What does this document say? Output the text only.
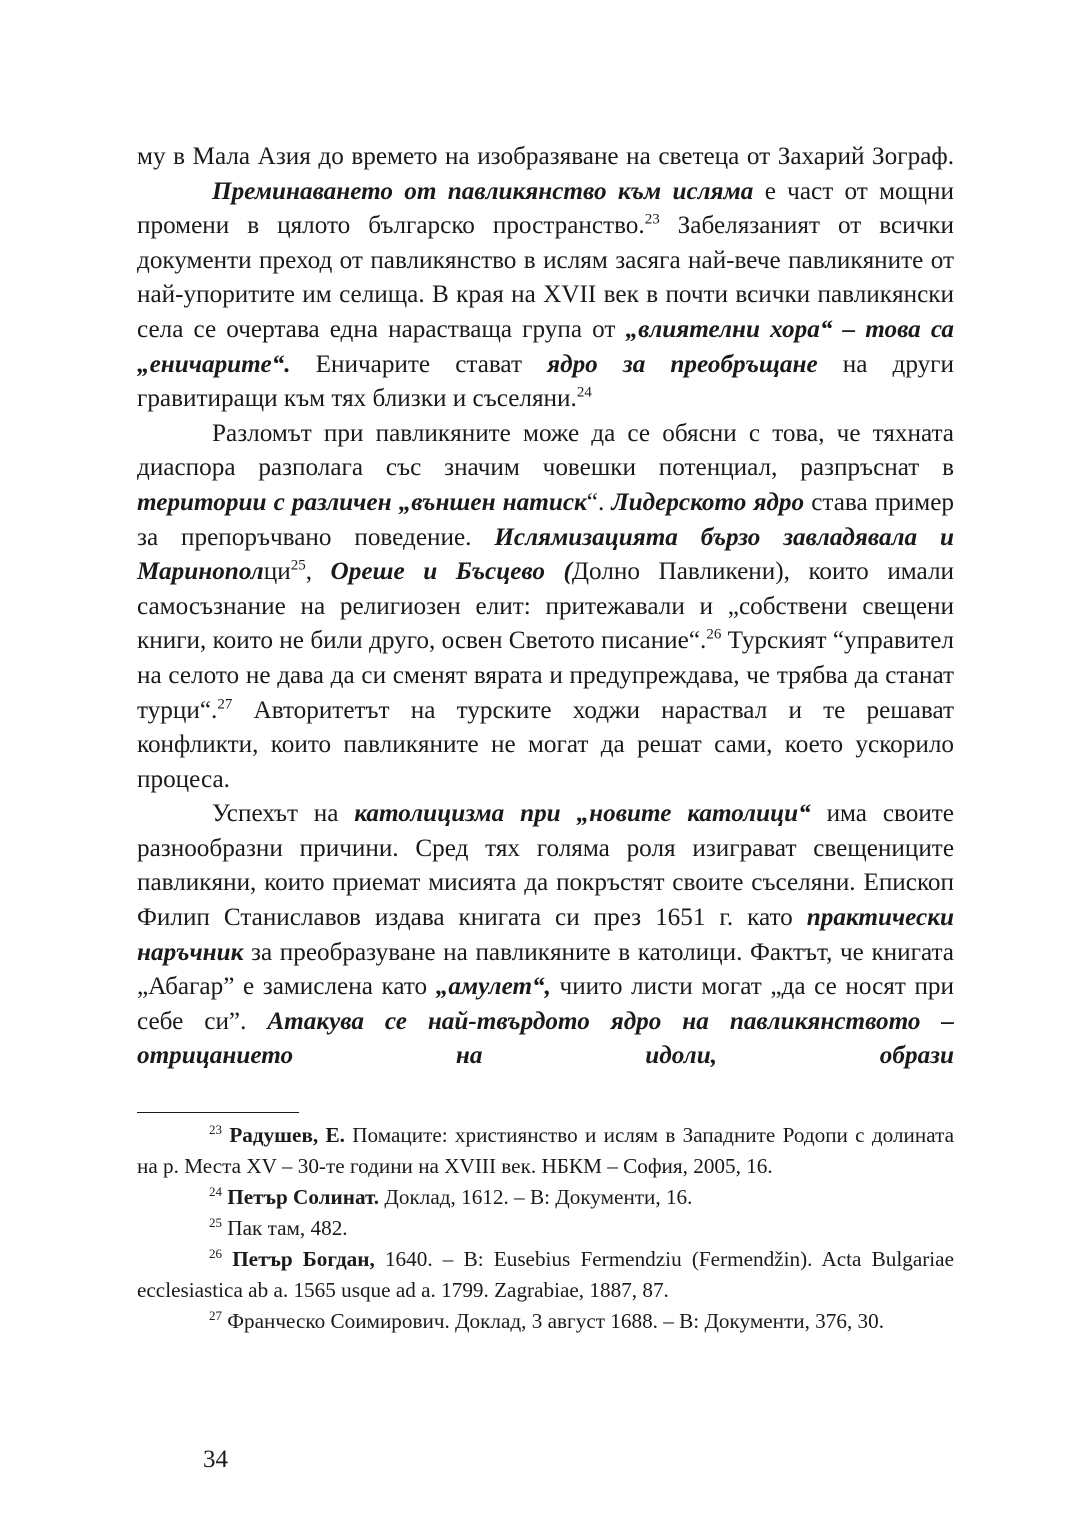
му в Мала Азия до времето на изобразяване на светеца от Захарий Зограф.

Преминаването от павликянство към исляма е част от мощни промени в цялото българско пространство.$^{23}$ Забелязаният от всички документи преход от павликянство в ислям засяга най-вече павликяните от най-упоритите им селища. В края на XVII век в почти всички павликянски села се очертава една нарастваща група от „влиятелни хора“ – това са „еничарите“. Еничарите стават ядро за преобръщане на други гравитиращи към тях близки и съселяни.$^{24}$

Разломът при павликяните може да се обясни с това, че тяхната диаспора разполага със значим човешки потенциал, разпръснат в територии с различен „външен натиск“. Лидерското ядро става пример за препоръчвано поведение. Ислямизацията бързо завладявала и Маринополци$^{25}$, Ореше и Бъсцево (Долно Павликени), които имали самосъзнание на религиозен елит: притежавали и „собствени свещени книги, които не били друго, освен Светото писание“.$^{26}$ Турският “управител на селото не дава да си сменят вярата и предупреждава, че трябва да станат турци“.$^{27}$ Авторитетът на турските ходжи нараствал и те решават конфликти, които павликяните не могат да решат сами, което ускорило процеса.

Успехът на католицизма при „новите католици“ има своите разнообразни причини. Сред тях голяма роля изиграват свещениците павликяни, които приемат мисията да покръстят своите съселяни. Епископ Филип Станиславов издава книгата си през 1651 г. като практически наръчник за преобразуване на павликяните в католици. Фактът, че книгата „Абагар” е замислена като „амулет“, чиито листи могат „да се носят при себе си”. Атакува се най-твърдото ядро на павликянството – отрицанието на идоли, образи

$^{23}$ Радушев, Е. Помаците: християнство и ислям в Западните Родопи с долината на р. Места XV – 30-те години на XVIII век. НБКМ – София, 2005, 16.

$^{24}$ Петър Солинат. Доклад, 1612. – В: Документи, 16.

$^{25}$ Пак там, 482.

$^{26}$ Петър Богдан, 1640. – В: Eusebius Fermendziu (Fermendžin). Acta Bulgariae ecclesiastica ab a. 1565 usque ad a. 1799. Zagrabiae, 1887, 87.

$^{27}$ Франческо Соимирович. Доклад, 3 август 1688. – В: Документи, 376, 30.

34
